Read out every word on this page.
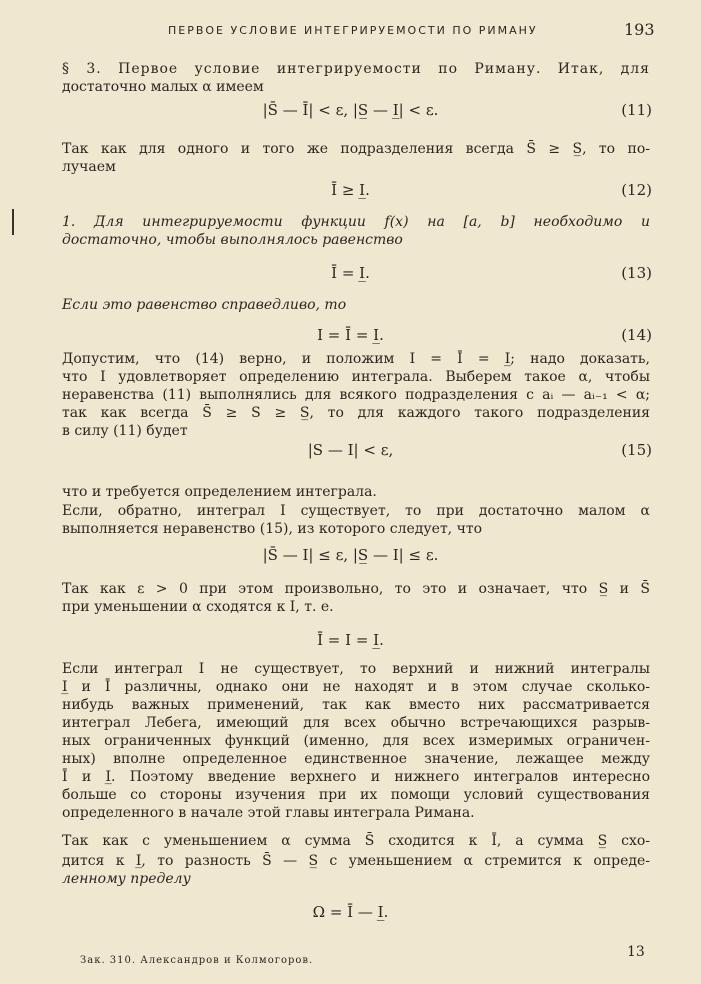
ПЕРВОЕ УСЛОВИЕ ИНТЕГРИРУЕМОСТИ ПО РИМАНУ	193
§ 3. Первое условие интегрируемости по Риману. Итак, для
достаточно малых α имеем
Так как для одного и того же подразделения всегда S̄ ≥ S̲, то по-
лучаем
1. Для интегрируемости функции f(x) на [a, b] необходимо и
достаточно, чтобы выполнялось равенство
Если это равенство справедливо, то
Допустим, что (14) верно, и положим I = Ī = I̲; надо доказать,
что I удовлетворяет определению интеграла. Выберем такое α, чтобы
неравенства (11) выполнялись для всякого подразделения с aᵢ — aᵢ₋₁ < α;
так как всегда S̄ ≥ S ≥ S̲, то для каждого такого подразделения
в силу (11) будет
что и требуется определением интеграла.
Если, обратно, интеграл I существует, то при достаточно малом α
выполняется неравенство (15), из которого следует, что
Так как ε > 0 при этом произвольно, то это и означает, что S̲ и S̄
при уменьшении α сходятся к I, т. е.
Если интеграл I не существует, то верхний и нижний интегралы
I̲ и Ī различны, однако они не находят и в этом случае сколько-
нибудь важных применений, так как вместо них рассматривается
интеграл Лебега, имеющий для всех обычно встречающихся разрыв-
ных ограниченных функций (именно, для всех измеримых ограничен-
ных) вполне определенное единственное значение, лежащее между
Ī и I̲. Поэтому введение верхнего и нижнего интегралов интересно
больше со стороны изучения при их помощи условий существования
определенного в начале этой главы интеграла Римана.
Так как с уменьшением α сумма S̄ сходится к Ī, а сумма S̲ схо-
дится к I̲, то разность S̄ — S̲ с уменьшением α стремится к опреде-
ленному пределу
|S̄ — Ī| < ε, |S̲ — I̲| < ε.	(11)
Ī ≥ I̲.	(12)
Ī = I̲.	(13)
I = Ī = I̲.	(14)
|S — I| < ε,	(15)
|S̄ — I| ≤ ε, |S̲ — I| ≤ ε.
Ī = I = I̲.
Ω = Ī — I̲.
Зак. 310. Александров и Колмогоров.
13
